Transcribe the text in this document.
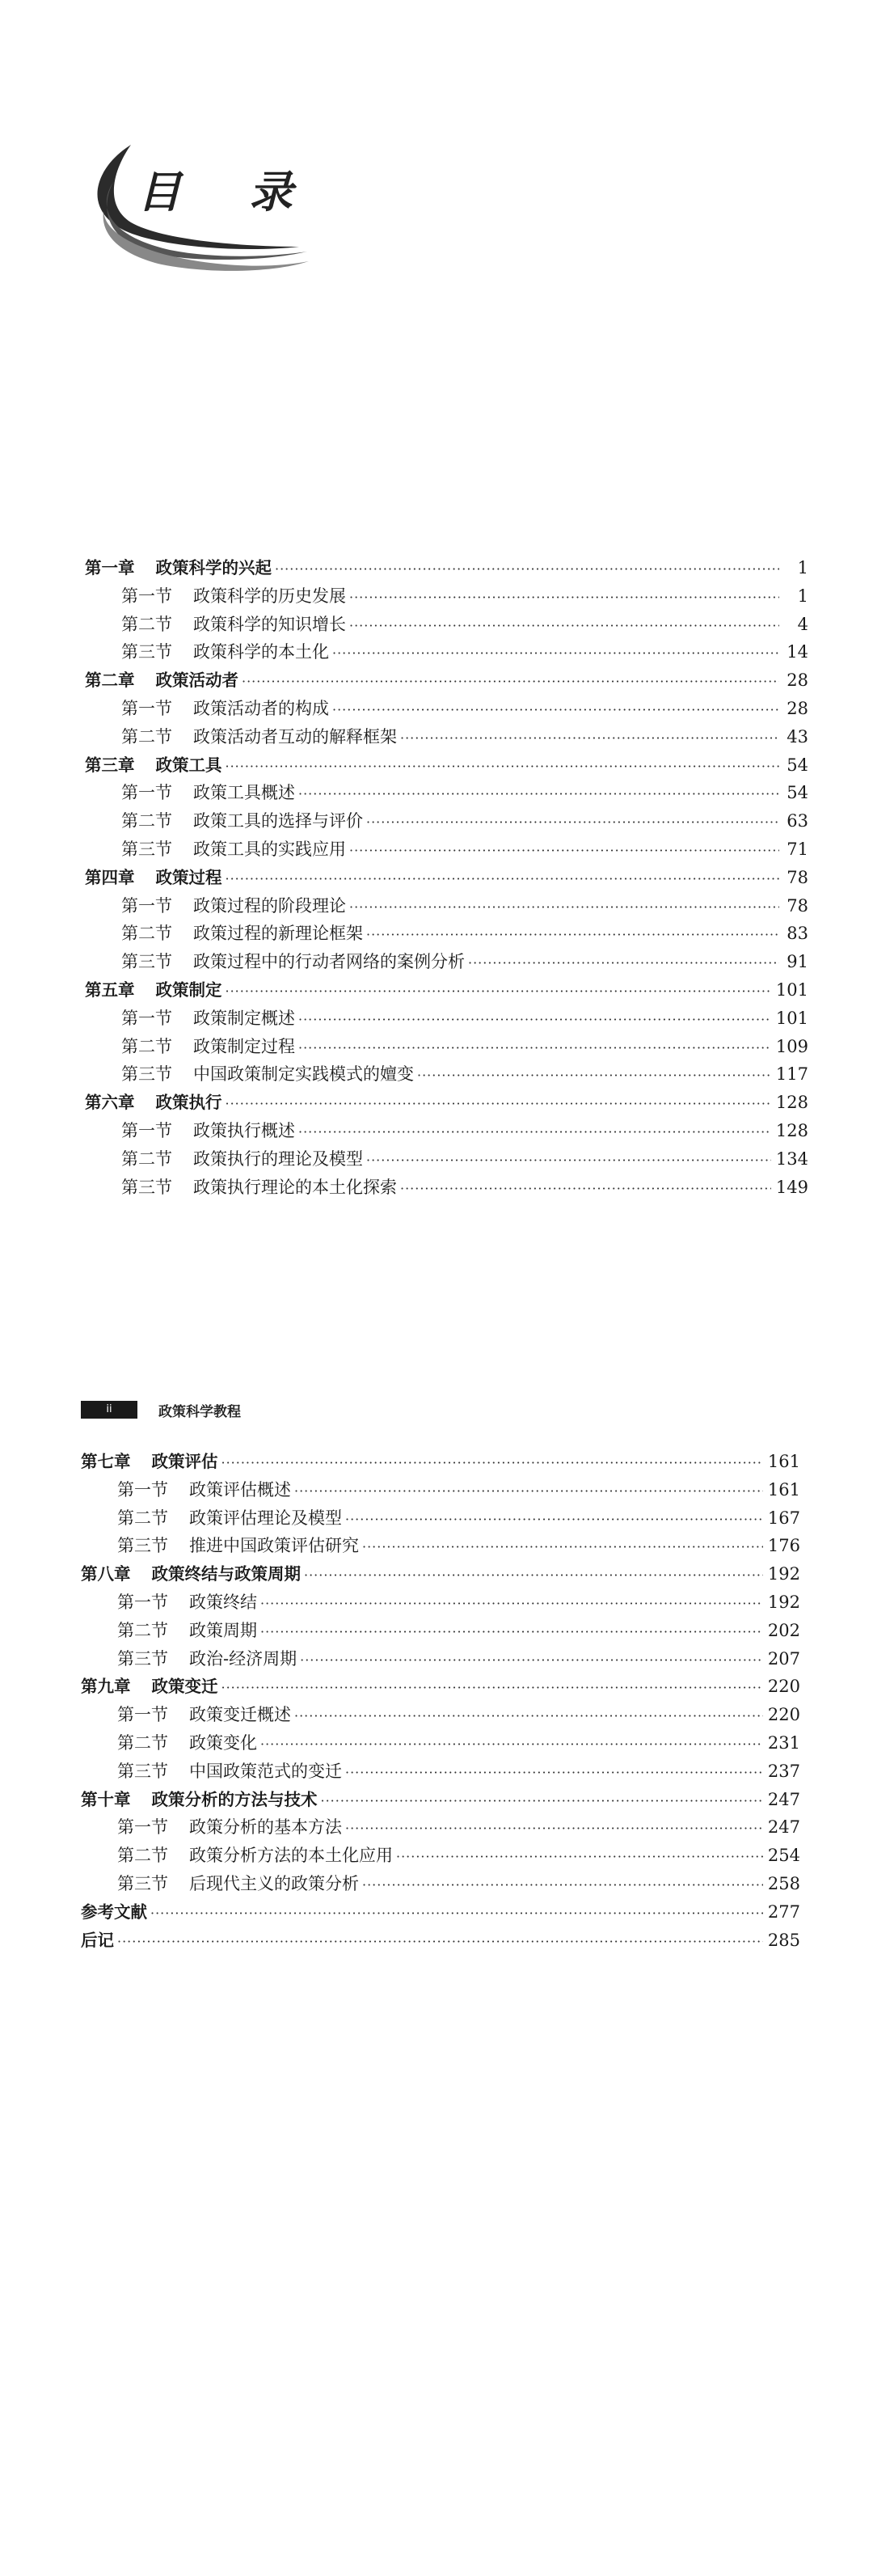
目 录
第一章 政策科学的兴起 ·····	1
第一节 政策科学的历史发展 ·····	1
第二节 政策科学的知识增长 ·····	4
第三节 政策科学的本土化 ·····	14
第二章 政策活动者 ·····	28
第一节 政策活动者的构成 ·····	28
第二节 政策活动者互动的解释框架 ·····	43
第三章 政策工具 ·····	54
第一节 政策工具概述 ·····	54
第二节 政策工具的选择与评价 ·····	63
第三节 政策工具的实践应用 ·····	71
第四章 政策过程 ·····	78
第一节 政策过程的阶段理论 ·····	78
第二节 政策过程的新理论框架 ·····	83
第三节 政策过程中的行动者网络的案例分析 ·····	91
第五章 政策制定 ·····	101
第一节 政策制定概述 ·····	101
第二节 政策制定过程 ·····	109
第三节 中国政策制定实践模式的嬗变 ·····	117
第六章 政策执行 ·····	128
第一节 政策执行概述 ·····	128
第二节 政策执行的理论及模型 ·····	134
第三节 政策执行理论的本土化探索 ·····	149
ii	政策科学教程
第七章 政策评估 ·····	161
第一节 政策评估概述 ·····	161
第二节 政策评估理论及模型 ·····	167
第三节 推进中国政策评估研究 ·····	176
第八章 政策终结与政策周期 ·····	192
第一节 政策终结 ·····	192
第二节 政策周期 ·····	202
第三节 政治-经济周期 ·····	207
第九章 政策变迁 ·····	220
第一节 政策变迁概述 ·····	220
第二节 政策变化 ·····	231
第三节 中国政策范式的变迁 ·····	237
第十章 政策分析的方法与技术 ·····	247
第一节 政策分析的基本方法 ·····	247
第二节 政策分析方法的本土化应用 ·····	254
第三节 后现代主义的政策分析 ·····	258
参考文献 ·····	277
后记 ·····	285
